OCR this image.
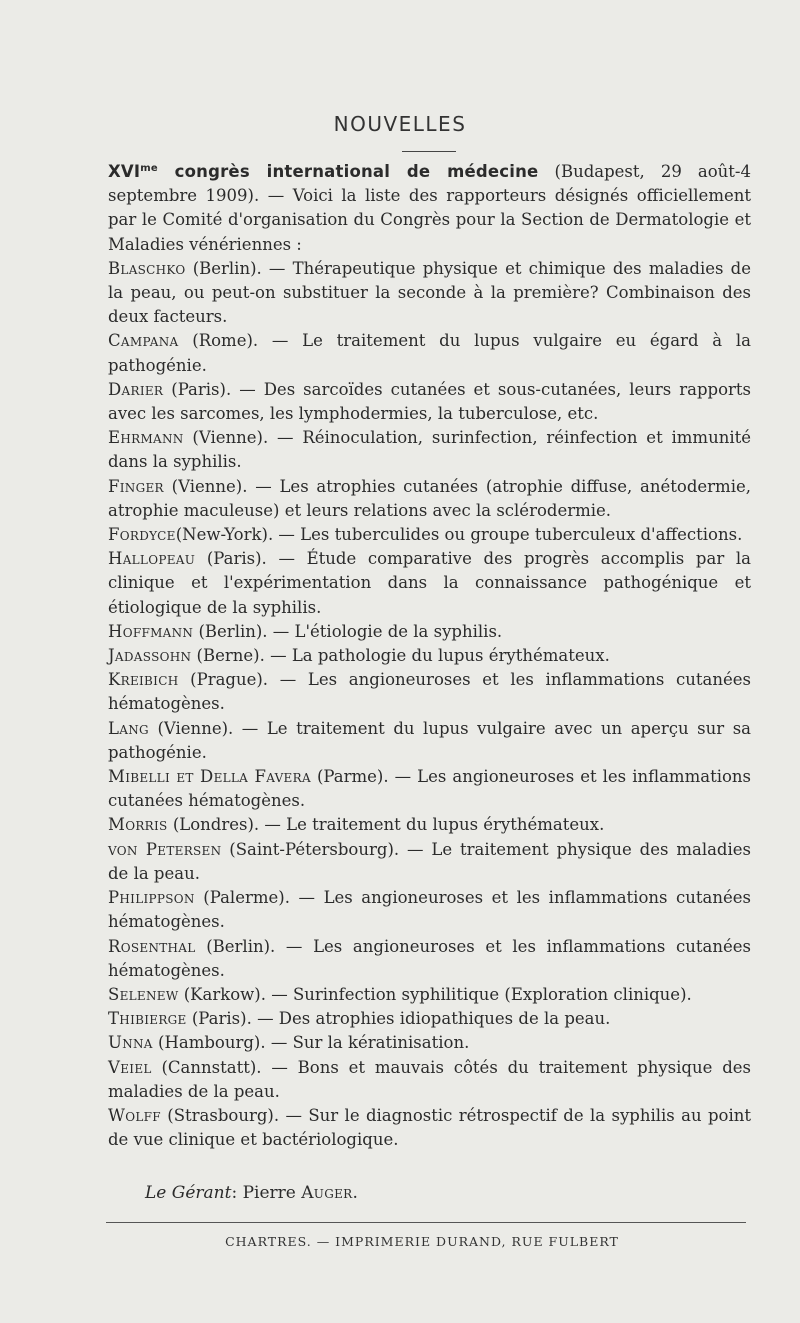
NOUVELLES

$XVI^{me}$ congrès international de médecine (Budapest, 29 août-4 septembre 1909). — Voici la liste des rapporteurs désignés officiellement par le Comité d'organisation du Congrès pour la Section de Dermatologie et Maladies vénériennes :

Blaschko (Berlin). — Thérapeutique physique et chimique des maladies de la peau, ou peut-on substituer la seconde à la première? Combinaison des deux facteurs.

Campana (Rome). — Le traitement du lupus vulgaire eu égard à la pathogénie.

Darier (Paris). — Des sarcoïdes cutanées et sous-cutanées, leurs rapports avec les sarcomes, les lymphodermies, la tuberculose, etc.

Ehrmann (Vienne). — Réinoculation, surinfection, réinfection et immunité dans la syphilis.

Finger (Vienne). — Les atrophies cutanées (atrophie diffuse, anétodermie, atrophie maculeuse) et leurs relations avec la sclérodermie.

Fordyce(New-York). — Les tuberculides ou groupe tuberculeux d'affections.

Hallopeau (Paris). — Étude comparative des progrès accomplis par la clinique et l'expérimentation dans la connaissance pathogénique et étiologique de la syphilis.

Hoffmann (Berlin). — L'étiologie de la syphilis.

Jadassohn (Berne). — La pathologie du lupus érythémateux.

Kreibich (Prague). — Les angioneuroses et les inflammations cutanées hématogènes.

Lang (Vienne). — Le traitement du lupus vulgaire avec un aperçu sur sa pathogénie.

Mibelli et Della Favera (Parme). — Les angioneuroses et les inflammations cutanées hématogènes.

Morris (Londres). — Le traitement du lupus érythémateux.

von Petersen (Saint-Pétersbourg). — Le traitement physique des maladies de la peau.

Philippson (Palerme). — Les angioneuroses et les inflammations cutanées hématogènes.

Rosenthal (Berlin). — Les angioneuroses et les inflammations cutanées hématogènes.

Selenew (Karkow). — Surinfection syphilitique (Exploration clinique).

Thibierge (Paris). — Des atrophies idiopathiques de la peau.

Unna (Hambourg). — Sur la kératinisation.

Veiel (Cannstatt). — Bons et mauvais côtés du traitement physique des maladies de la peau.

Wolff (Strasbourg). — Sur le diagnostic rétrospectif de la syphilis au point de vue clinique et bactériologique.

Le Gérant: Pierre Auger.
CHARTRES. — IMPRIMERIE DURAND, RUE FULBERT
